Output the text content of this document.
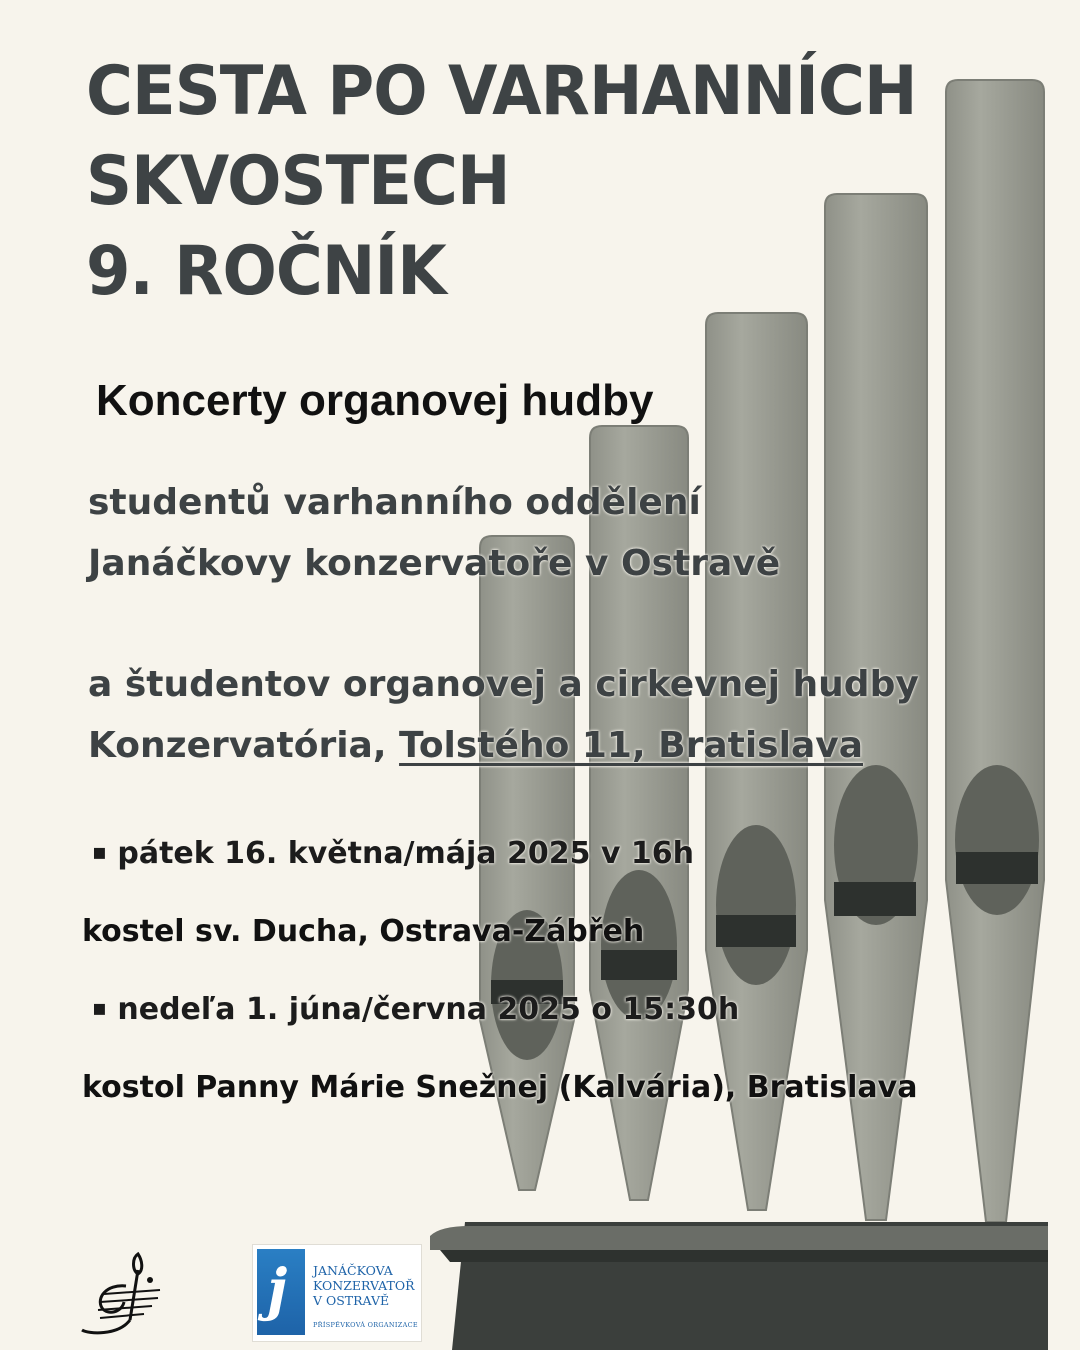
CESTA PO VARHANNÍCH
SKVOSTECH
9. ROČNÍK
Koncerty organovej hudby
studentů varhanního oddělení
Janáčkovy konzervatoře v Ostravě
a študentov organovej a cirkevnej hudby
Konzervatória, Tolstého 11, Bratislava
▪ pátek 16. května/mája 2025 v 16h
kostel sv. Ducha, Ostrava-Zábřeh
▪ nedeľa 1. júna/června 2025 o 15:30h
kostol Panny Márie Snežnej (Kalvária), Bratislava
j JANÁČKOVA
KONZERVATOŘ
V OSTRAVĚ
PŘÍSPĚVKOVÁ ORGANIZACE
